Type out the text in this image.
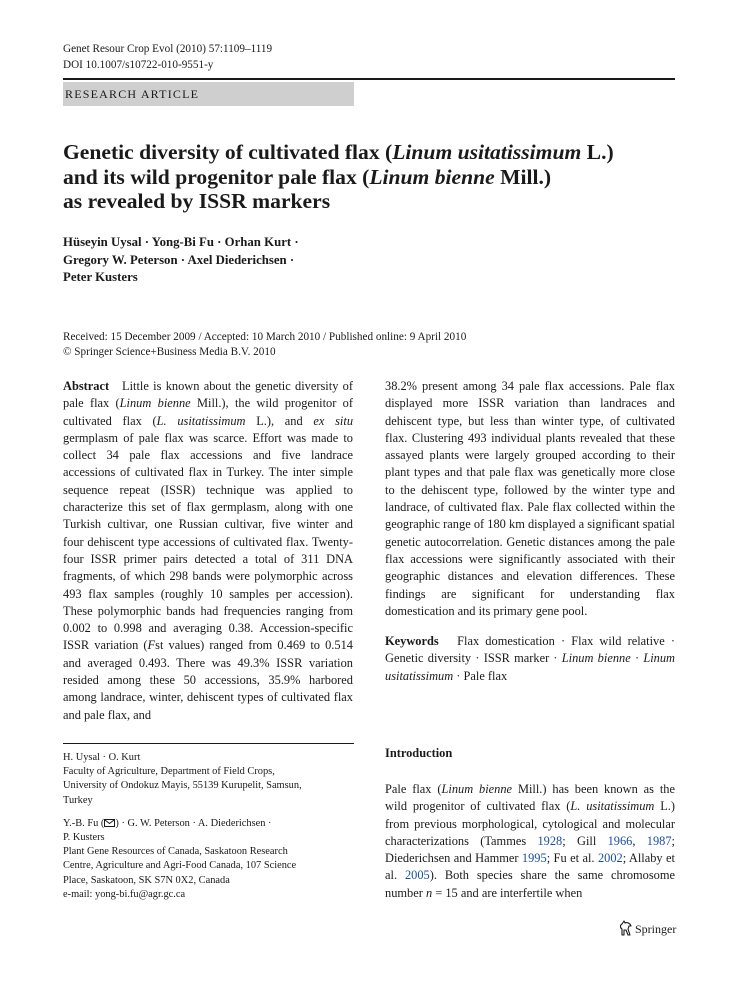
Genet Resour Crop Evol (2010) 57:1109–1119
DOI 10.1007/s10722-010-9551-y
RESEARCH ARTICLE
Genetic diversity of cultivated flax (Linum usitatissimum L.)
and its wild progenitor pale flax (Linum bienne Mill.)
as revealed by ISSR markers
Hüseyin Uysal · Yong-Bi Fu · Orhan Kurt ·
Gregory W. Peterson · Axel Diederichsen ·
Peter Kusters
Received: 15 December 2009 / Accepted: 10 March 2010 / Published online: 9 April 2010
© Springer Science+Business Media B.V. 2010

Abstract Little is known about the genetic diversity of pale flax (Linum bienne Mill.), the wild progenitor of cultivated flax (L. usitatissimum L.), and ex situ germplasm of pale flax was scarce. Effort was made to collect 34 pale flax accessions and five landrace accessions of cultivated flax in Turkey. The inter simple sequence repeat (ISSR) technique was applied to characterize this set of flax germplasm, along with one Turkish cultivar, one Russian cultivar, five winter and four dehiscent type accessions of cultivated flax. Twenty-four ISSR primer pairs detected a total of 311 DNA fragments, of which 298 bands were polymorphic across 493 flax samples (roughly 10 samples per accession). These polymorphic bands had frequencies ranging from 0.002 to 0.998 and averaging 0.38. Accession-specific ISSR variation (Fst values) ranged from 0.469 to 0.514 and averaged 0.493. There was 49.3% ISSR variation resided among these 50 accessions, 35.9% harbored among landrace, winter, dehiscent types of cultivated flax and pale flax, and

38.2% present among 34 pale flax accessions. Pale flax displayed more ISSR variation than landraces and dehiscent type, but less than winter type, of cultivated flax. Clustering 493 individual plants revealed that these assayed plants were largely grouped according to their plant types and that pale flax was genetically more close to the dehiscent type, followed by the winter type and landrace, of cultivated flax. Pale flax collected within the geographic range of 180 km displayed a significant spatial genetic autocorrelation. Genetic distances among the pale flax accessions were significantly associated with their geographic distances and elevation differences. These findings are significant for understanding flax domestication and its primary gene pool.

Keywords Flax domestication · Flax wild relative · Genetic diversity · ISSR marker · Linum bienne · Linum usitatissimum · Pale flax

H. Uysal · O. Kurt
Faculty of Agriculture, Department of Field Crops,
University of Ondokuz Mayis, 55139 Kurupelit, Samsun,
Turkey

Y.-B. Fu ( ) · G. W. Peterson · A. Diederichsen ·
P. Kusters
Plant Gene Resources of Canada, Saskatoon Research
Centre, Agriculture and Agri-Food Canada, 107 Science
Place, Saskatoon, SK S7N 0X2, Canada
e-mail: yong-bi.fu@agr.gc.ca

Introduction

Pale flax (Linum bienne Mill.) has been known as the wild progenitor of cultivated flax (L. usitatissimum L.) from previous morphological, cytological and molecular characterizations (Tammes 1928; Gill 1966, 1987; Diederichsen and Hammer 1995; Fu et al. 2002; Allaby et al. 2005). Both species share the same chromosome number n = 15 and are interfertile when

Springer
